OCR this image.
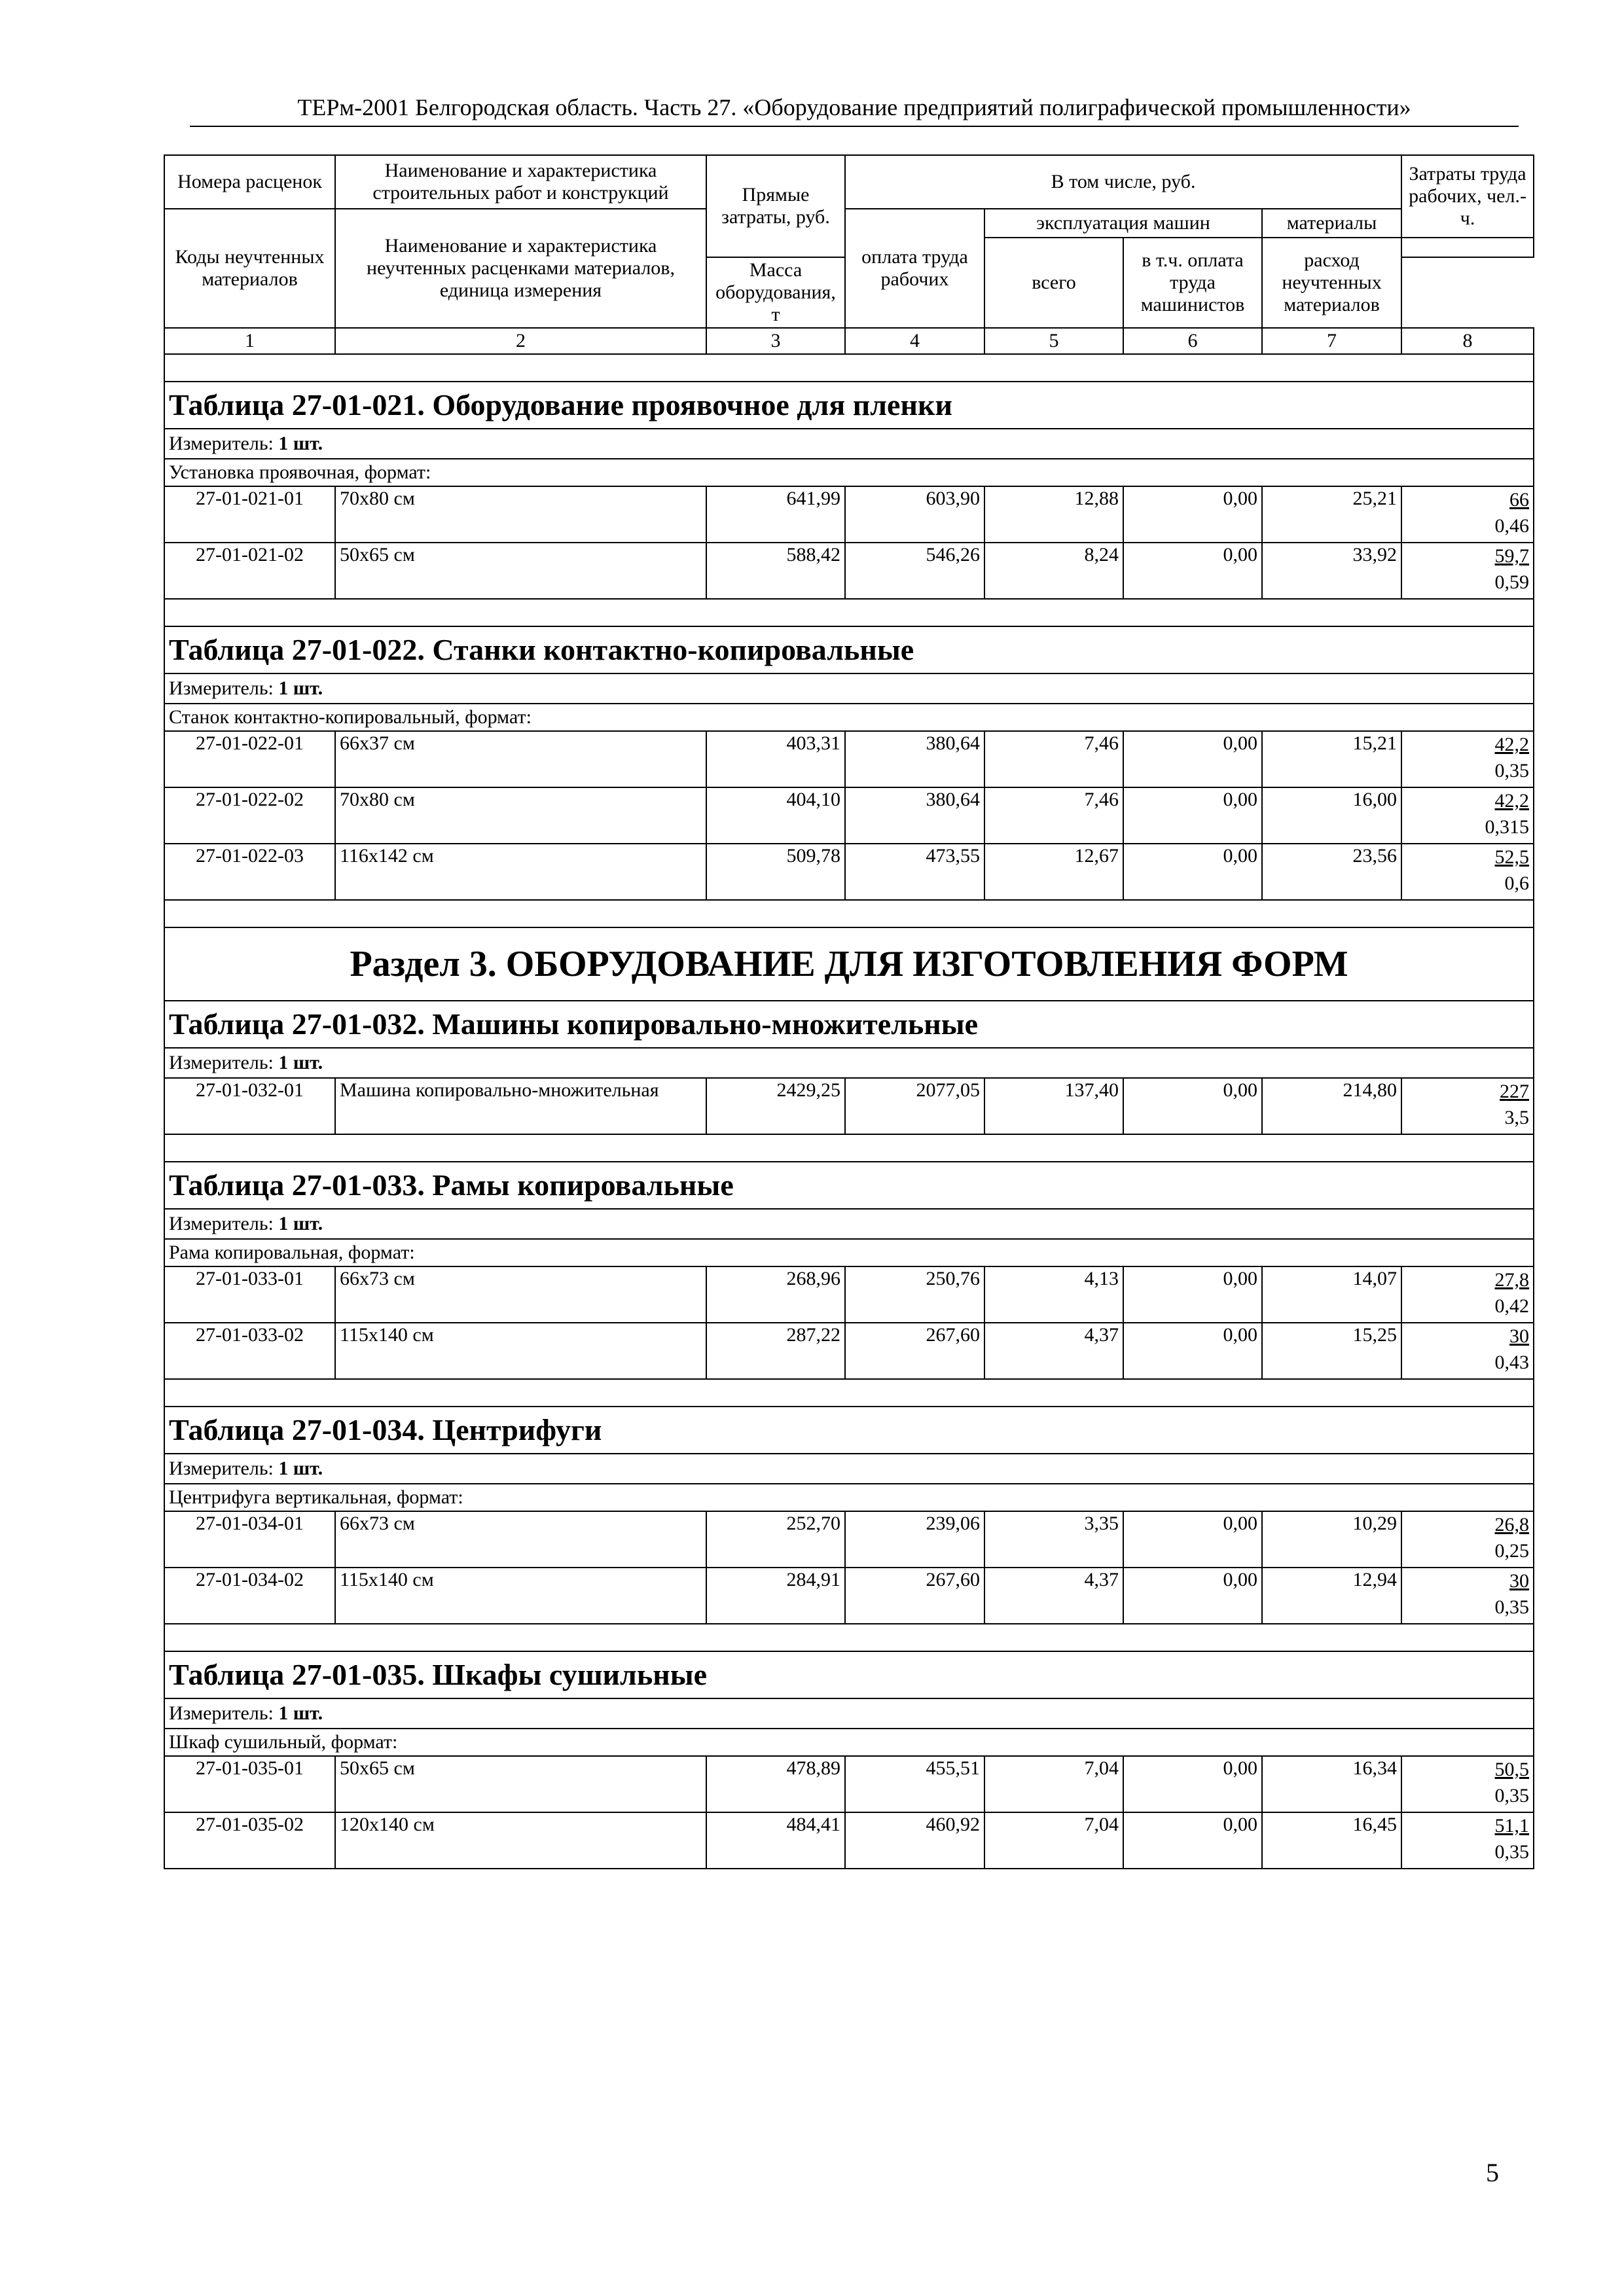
ТЕРм-2001 Белгородская область. Часть 27. «Оборудование предприятий полиграфической промышленности»
Номера расценок	Наименование и характеристика строительных работ и конструкций	Прямые затраты, руб.	В том числе, руб.				Затраты труда рабочих, чел.-ч.
Коды неучтенных материалов	Наименование и характеристика неучтенных расценками материалов, единица измерения		оплата труда рабочих	эксплуатация машин		материалы	
				всего	в т.ч. оплата труда машинистов	расход неучтенных материалов	
		Масса оборудования, т					
1	2	3	4	5	6	7	8

Таблица 27-01-021. Оборудование проявочное для пленки							
Измеритель: 1 шт.							
Установка проявочная, формат:							
27-01-021-01	70х80 см	641,99	603,90	12,88	0,00	25,21	66
0,46

27-01-021-02	50х65 см	588,42	546,26	8,24	0,00	33,92	59,7
0,59

Таблица 27-01-022. Станки контактно-копировальные							
Измеритель: 1 шт.							
Станок контактно-копировальный, формат:							
27-01-022-01	66х37 см	403,31	380,64	7,46	0,00	15,21	42,2
0,35

27-01-022-02	70х80 см	404,10	380,64	7,46	0,00	16,00	42,2
0,315

27-01-022-03	116х142 см	509,78	473,55	12,67	0,00	23,56	52,5
0,6

Раздел 3. ОБОРУДОВАНИЕ ДЛЯ ИЗГОТОВЛЕНИЯ ФОРМ							
Таблица 27-01-032. Машины копировально-множительные							
Измеритель: 1 шт.							
27-01-032-01	Машина копировально-множительная	2429,25	2077,05	137,40	0,00	214,80	227
3,5

Таблица 27-01-033. Рамы копировальные							
Измеритель: 1 шт.							
Рама копировальная, формат:							
27-01-033-01	66х73 см	268,96	250,76	4,13	0,00	14,07	27,8
0,42

27-01-033-02	115х140 см	287,22	267,60	4,37	0,00	15,25	30
0,43

Таблица 27-01-034. Центрифуги							
Измеритель: 1 шт.							
Центрифуга вертикальная, формат:							
27-01-034-01	66х73 см	252,70	239,06	3,35	0,00	10,29	26,8
0,25

27-01-034-02	115х140 см	284,91	267,60	4,37	0,00	12,94	30
0,35

Таблица 27-01-035. Шкафы сушильные							
Измеритель: 1 шт.							
Шкаф сушильный, формат:							
27-01-035-01	50х65 см	478,89	455,51	7,04	0,00	16,34	50,5
0,35

27-01-035-02	120х140 см	484,41	460,92	7,04	0,00	16,45	51,1
0,35
5
